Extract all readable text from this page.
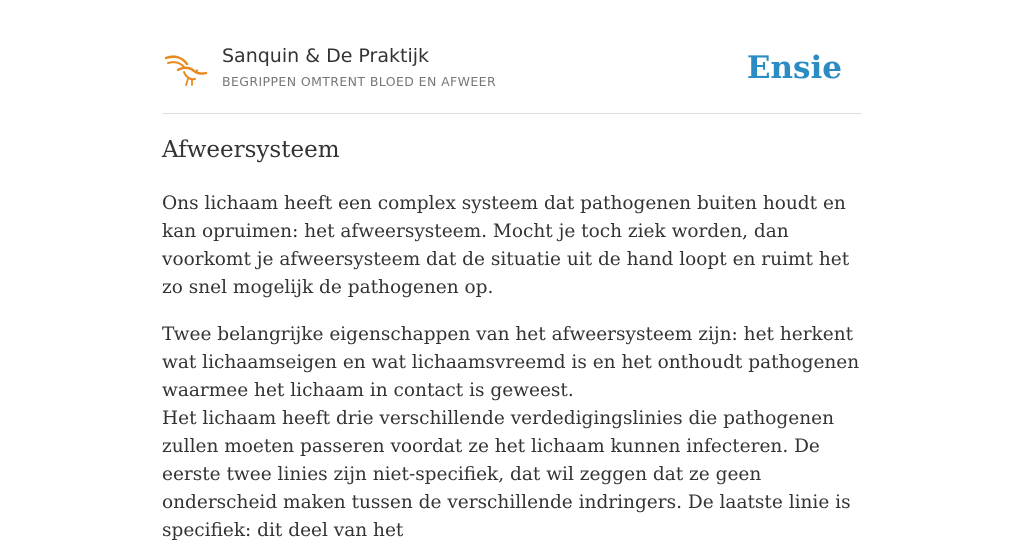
Sanquin & De Praktijk
BEGRIPPEN OMTRENT BLOED EN AFWEER	Ensie
Afweersysteem

Ons lichaam heeft een complex systeem dat pathogenen buiten houdt en kan opruimen: het afweersysteem. Mocht je toch ziek worden, dan voorkomt je afweersysteem dat de situatie uit de hand loopt en ruimt het zo snel mogelijk de pathogenen op.

Twee belangrijke eigenschappen van het afweersysteem zijn: het herkent wat lichaamseigen en wat lichaamsvreemd is en het onthoudt pathogenen waarmee het lichaam in contact is geweest.
Het lichaam heeft drie verschillende verdedigingslinies die pathogenen zullen moeten passeren voordat ze het lichaam kunnen infecteren. De eerste twee linies zijn niet-specifiek, dat wil zeggen dat ze geen onderscheid maken tussen de verschillende indringers. De laatste linie is specifiek: dit deel van het
